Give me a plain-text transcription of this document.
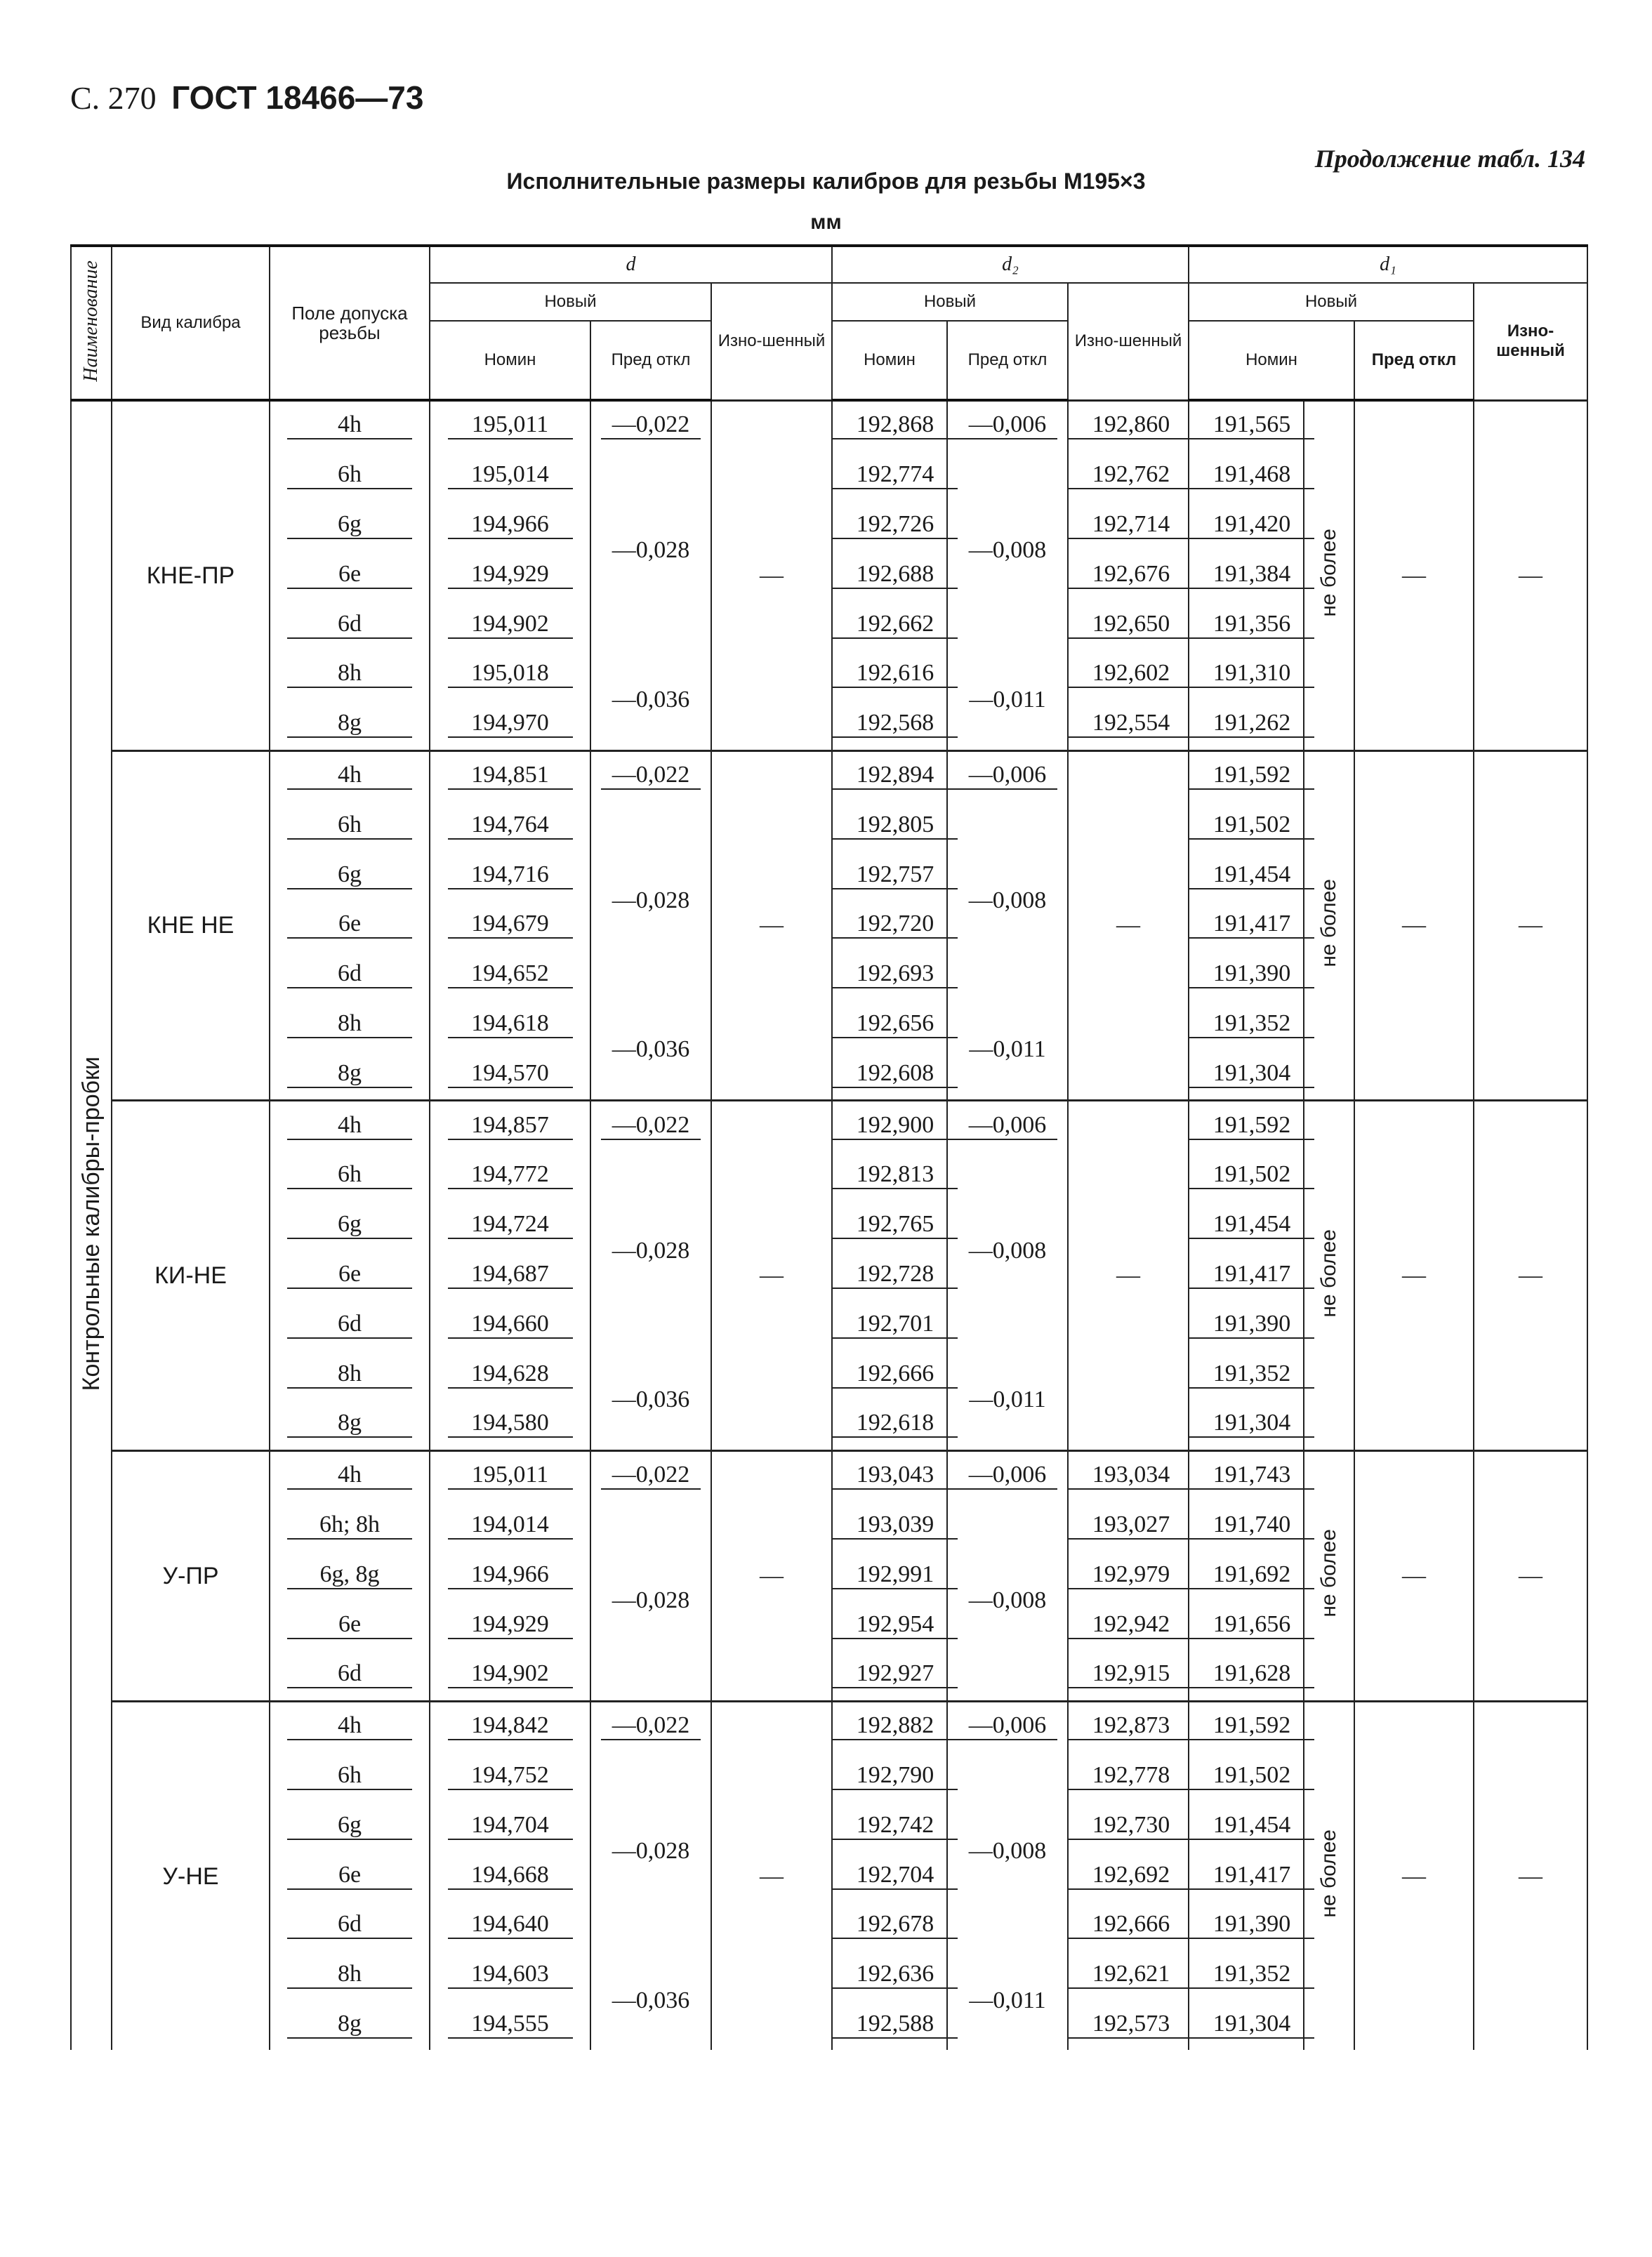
С. 270 ГОСТ 18466—73
Продолжение табл. 134
Исполнительные размеры калибров для резьбы М195×3
мм
Наименование	Вид калибра	Поле допуска резьбы	d			d₂			d₁			
			Новый		Изно-шенный	Новый		Изно-шенный	Новый			Изно-шенный
			Номин	Пред откл		Номин	Пред откл		Номин		Пред откл	
Контрольные калибры-пробки	КНЕ-ПР	4h	195,011	—0,022	—	192,868	—0,006	192,860	191,565	не более	—	—
		6h	195,014	—0,028		192,774	—0,008	192,762	191,468			
		6g	194,966			192,726		192,714	191,420			
		6e	194,929			192,688		192,676	191,384			
		6d	194,902			192,662		192,650	191,356			
		8h	195,018	—0,036		192,616	—0,011	192,602	191,310			
		8g	194,970			192,568		192,554	191,262			
	КНЕ НЕ	4h	194,851	—0,022	—	192,894	—0,006	—	191,592	не более	—	—
		6h	194,764	—0,028		192,805	—0,008		191,502			
		6g	194,716			192,757			191,454			
		6e	194,679			192,720			191,417			
		6d	194,652			192,693			191,390			
		8h	194,618	—0,036		192,656	—0,011		191,352			
		8g	194,570			192,608			191,304			
	КИ-НЕ	4h	194,857	—0,022	—	192,900	—0,006	—	191,592	не более	—	—
		6h	194,772	—0,028		192,813	—0,008		191,502			
		6g	194,724			192,765			191,454			
		6e	194,687			192,728			191,417			
		6d	194,660			192,701			191,390			
		8h	194,628	—0,036		192,666	—0,011		191,352			
		8g	194,580			192,618			191,304			
	У-ПР	4h	195,011	—0,022	—	193,043	—0,006	193,034	191,743	не более	—	—
		6h; 8h	194,014	—0,028		193,039	—0,008	193,027	191,740			
		6g, 8g	194,966			192,991		192,979	191,692			
		6e	194,929			192,954		192,942	191,656			
		6d	194,902			192,927		192,915	191,628			
	У-НЕ	4h	194,842	—0,022	—	192,882	—0,006	192,873	191,592	не более	—	—
		6h	194,752	—0,028		192,790	—0,008	192,778	191,502			
		6g	194,704			192,742		192,730	191,454			
		6e	194,668			192,704		192,692	191,417			
		6d	194,640			192,678		192,666	191,390			
		8h	194,603	—0,036		192,636	—0,011	192,621	191,352			
		8g	194,555			192,588		192,573	191,304			
